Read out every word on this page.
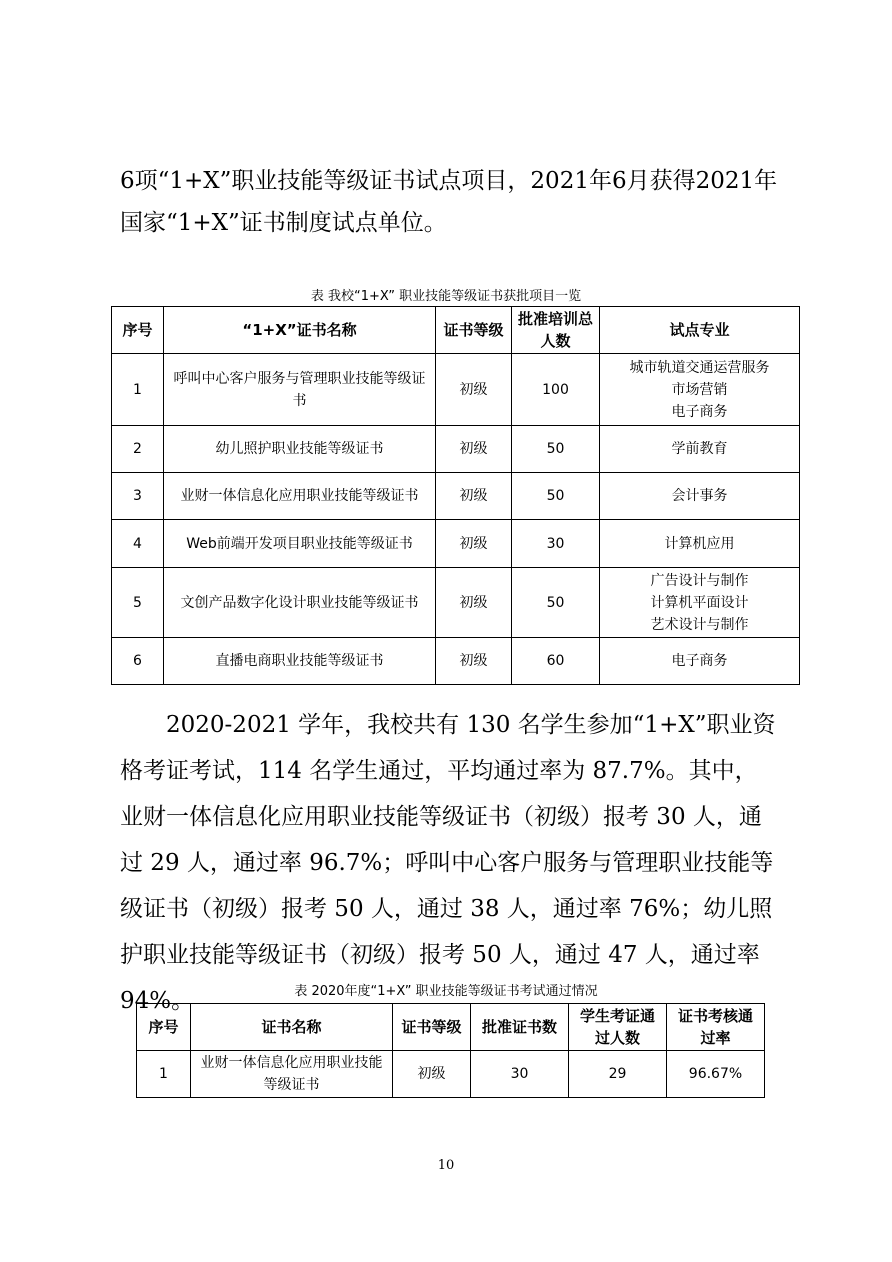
6项“1+X”职业技能等级证书试点项目，2021年6月获得2021年

国家“1+X”证书制度试点单位。

表 我校“1+X” 职业技能等级证书获批项目一览
序号	“1+X”证书名称	证书等级	批准培训总人数	试点专业
1	呼叫中心客户服务与管理职业技能等级证书	初级	100	城市轨道交通运营服务
市场营销
电子商务

2	幼儿照护职业技能等级证书	初级	50	学前教育

3	业财一体信息化应用职业技能等级证书	初级	50	会计事务

4	Web前端开发项目职业技能等级证书	初级	30	计算机应用

5	文创产品数字化设计职业技能等级证书	初级	50	广告设计与制作
计算机平面设计
艺术设计与制作

6	直播电商职业技能等级证书	初级	60	电子商务

2020-2021 学年，我校共有 130 名学生参加“1+X”职业资格考证考试，114 名学生通过，平均通过率为 87.7%。其中，业财一体信息化应用职业技能等级证书（初级）报考 30 人，通过 29 人，通过率 96.7%；呼叫中心客户服务与管理职业技能等级证书（初级）报考 50 人，通过 38 人，通过率 76%；幼儿照护职业技能等级证书（初级）报考 50 人，通过 47 人，通过率 94%。	表 2020年度“1+X” 职业技能等级证书考试通过情况
序号	证书名称	证书等级	批准证书数	学生考证通过人数	证书考核通过率
1	业财一体信息化应用职业技能等级证书	初级	30	29	96.67%
10
